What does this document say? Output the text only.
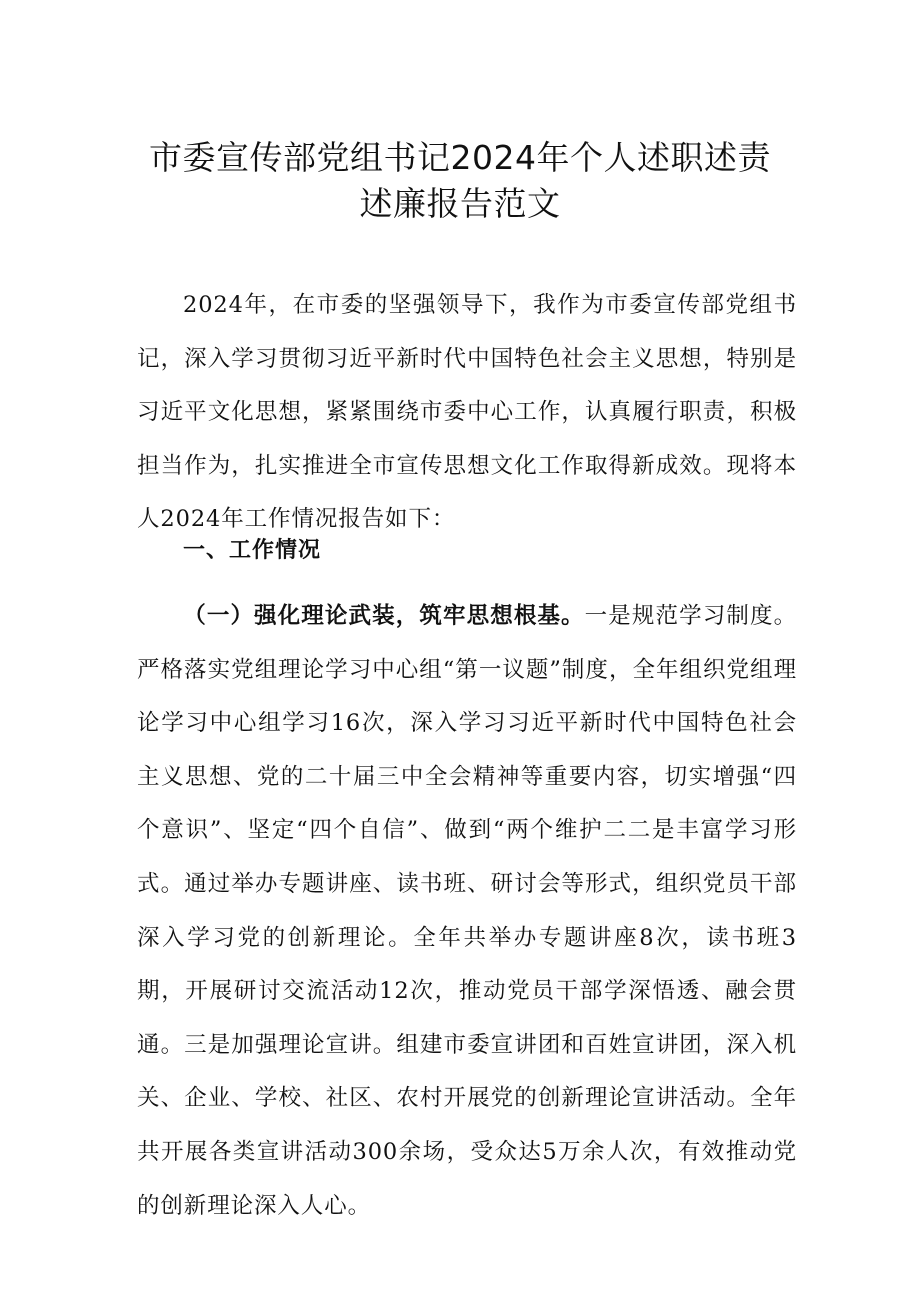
市委宣传部党组书记2024年个人述职述责
述廉报告范文

2024年，在市委的坚强领导下，我作为市委宣传部党组书记，深入学习贯彻习近平新时代中国特色社会主义思想，特别是习近平文化思想，紧紧围绕市委中心工作，认真履行职责，积极担当作为，扎实推进全市宣传思想文化工作取得新成效。现将本人2024年工作情况报告如下：

一、工作情况

（一）强化理论武装，筑牢思想根基。一是规范学习制度。严格落实党组理论学习中心组“第一议题”制度，全年组织党组理论学习中心组学习16次，深入学习习近平新时代中国特色社会主义思想、党的二十届三中全会精神等重要内容，切实增强“四个意识”、坚定“四个自信”、做到“两个维护二二是丰富学习形式。通过举办专题讲座、读书班、研讨会等形式，组织党员干部深入学习党的创新理论。全年共举办专题讲座8次，读书班3期，开展研讨交流活动12次，推动党员干部学深悟透、融会贯通。三是加强理论宣讲。组建市委宣讲团和百姓宣讲团，深入机关、企业、学校、社区、农村开展党的创新理论宣讲活动。全年共开展各类宣讲活动300余场，受众达5万余人次，有效推动党的创新理论深入人心。
